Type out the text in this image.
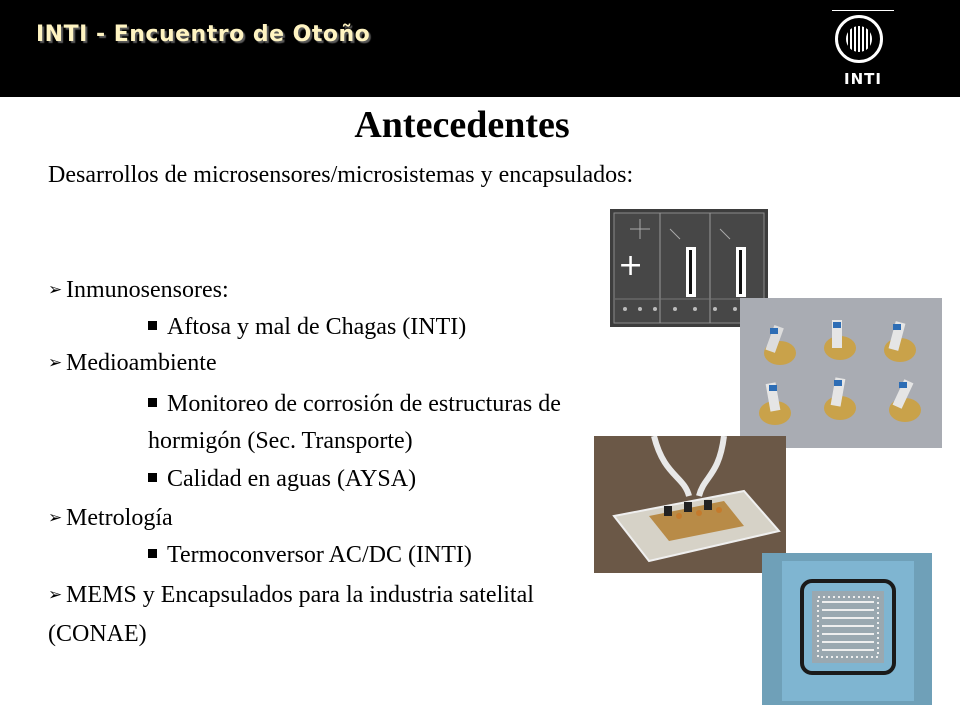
INTI - Encuentro de Otoño
INTI
Antecedentes
Desarrollos de microsensores/microsistemas y encapsulados:
+
➢ Inmunosensores:
Aftosa y mal de Chagas (INTI)
➢ Medioambiente
Monitoreo de corrosión de estructuras de
hormigón (Sec. Transporte)
Calidad en aguas (AYSA)
➢ Metrología
Termoconversor AC/DC (INTI)
➢ MEMS y Encapsulados para la industria satelital
(CONAE)
